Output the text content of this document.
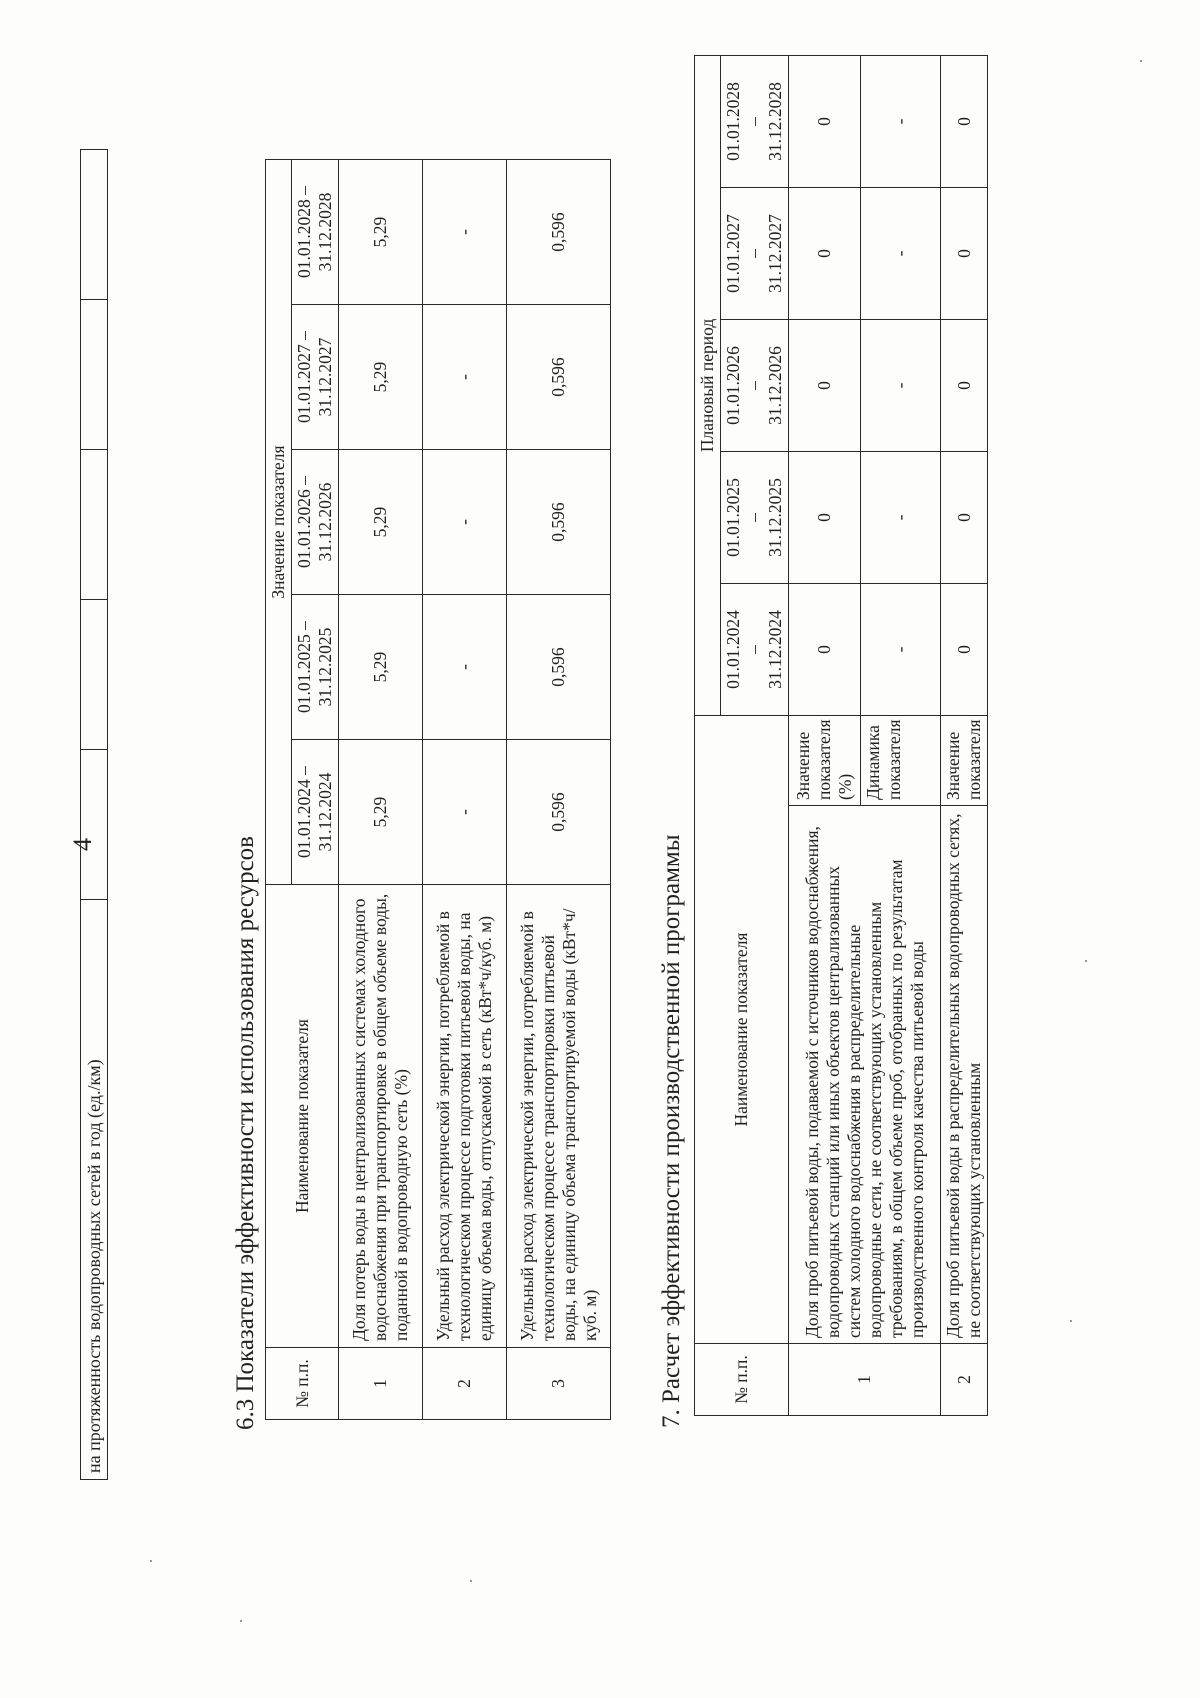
4
на протяженность водопроводных сетей в год (ед./км)						6.3 Показатели эффективности использования ресурсов № п.п.	Наименование показателя	Значение показателя				
		01.01.2024 – 31.12.2024	01.01.2025 – 31.12.2025	01.01.2026 – 31.12.2026	01.01.2027 – 31.12.2027	01.01.2028 – 31.12.2028
1	Доля потерь воды в централизованных системах холодного водоснабжения при транспортировке в общем объеме воды, поданной в водопроводную сеть (%)	5,29	5,29	5,29	5,29	5,29
2	Удельный расход электрической энергии, потребляемой в технологическом процессе подготовки питьевой воды, на единицу объема воды, отпускаемой в сеть (кВт*ч/куб. м)	-	-	-	-	-
3	Удельный расход электрической энергии, потребляемой в технологическом процессе транспортировки питьевой воды, на единицу объема транспортируемой воды (кВт*ч/куб. м)	0,596	0,596	0,596	0,596	0,596
7. Расчет эффективности производственной программы	№ п.п.	Наименование показателя		Плановый период				
			01.01.2024
–
31.12.2024	01.01.2025
–
31.12.2025	01.01.2026
–
31.12.2026	01.01.2027
–
31.12.2027	01.01.2028
–
31.12.2028
1	Доля проб питьевой воды, подаваемой с источников водоснабжения, водопроводных станций или иных объектов централизованных систем холодного водоснабжения в распределительные водопроводные сети, не соответствующих установленным требованиям, в общем объеме проб, отобранных по результатам производственного контроля качества питьевой воды	Значение показателя (%)	0	0	0	0	0
		Динамика показателя	-	-	-	-	-
2	Доля проб питьевой воды в распределительных водопроводных сетях, не соответствующих установленным	Значение показателя	0	0	0	0	0
